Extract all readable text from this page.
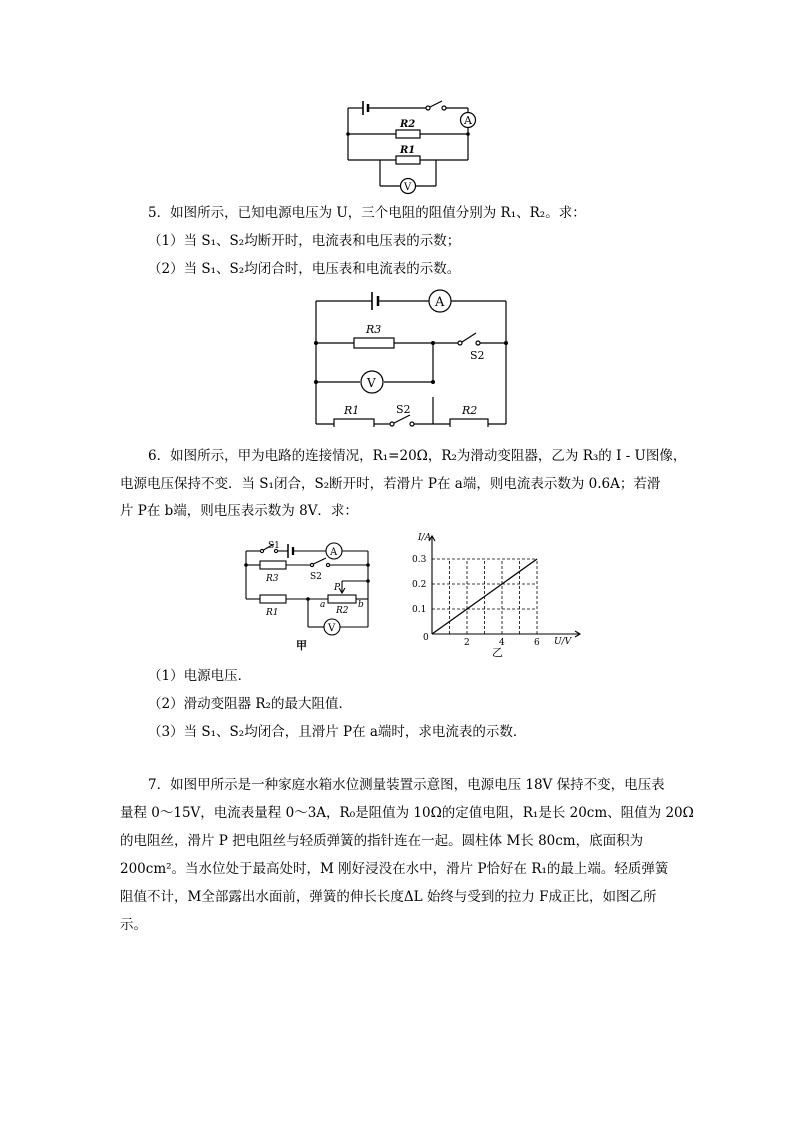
A
V
R2
R1
5．如图所示，已知电源电压为 U，三个电阻的阻值分别为 R₁、R₂。求：
（1）当 S₁、S₂均断开时，电流表和电压表的示数；
（2）当 S₁、S₂均闭合时，电压表和电流表的示数。
A
V
R3
R1	R2
S2
S2
6．如图所示，甲为电路的连接情况，R₁=20Ω，R₂为滑动变阻器，乙为 R₃的 I - U图像，
电源电压保持不变．当 S₁闭合，S₂断开时，若滑片 P在 a端，则电流表示数为 0.6A；若滑
片 P在 b端，则电压表示数为 8V．求：
A
V
S1
S2
R3
R1	R2
P
a	b
甲	2	4	6
0.1
0.2
0.3
I/A
U/V
0
乙
（1）电源电压．
（2）滑动变阻器 R₂的最大阻值．
（3）当 S₁、S₂均闭合，且滑片 P在 a端时，求电流表的示数．
7．如图甲所示是一种家庭水箱水位测量装置示意图，电源电压 18V 保持不变，电压表
量程 0～15V，电流表量程 0～3A，R₀是阻值为 10Ω的定值电阻，R₁是长 20cm、阻值为 20Ω
的电阻丝，滑片 P 把电阻丝与轻质弹簧的指针连在一起。圆柱体 M长 80cm，底面积为
200cm²。当水位处于最高处时，M 刚好浸没在水中，滑片 P恰好在 R₁的最上端。轻质弹簧
阻值不计，M全部露出水面前，弹簧的伸长长度ΔL 始终与受到的拉力 F成正比，如图乙所
示。
